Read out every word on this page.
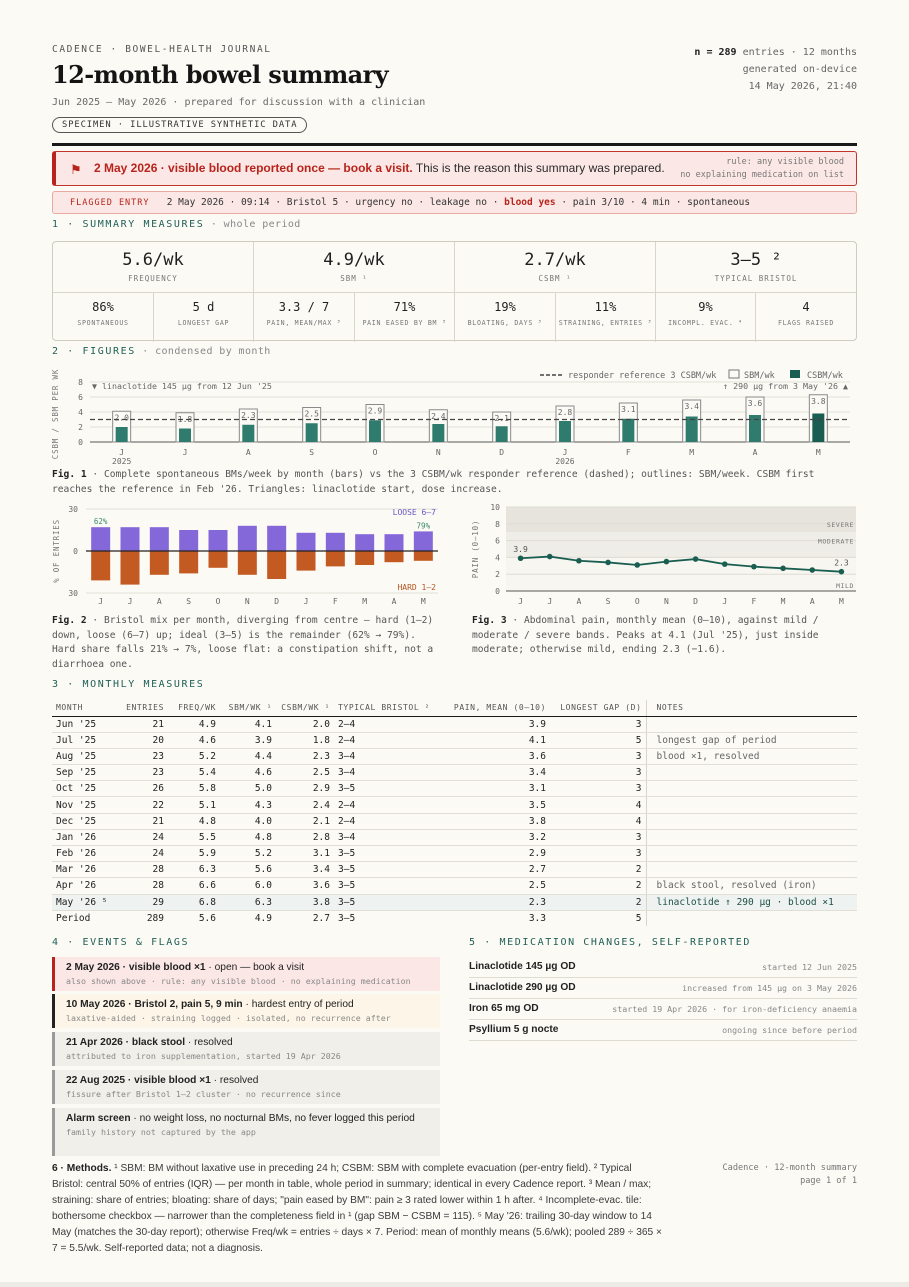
CADENCE · BOWEL-HEALTH JOURNAL
12-month bowel summary
Jun 2025 – May 2026 · prepared for discussion with a clinician
SPECIMEN · ILLUSTRATIVE SYNTHETIC DATA
n = 289 entries · 12 months
generated on-device
14 May 2026, 21:40
⚑ 2 May 2026 · visible blood reported once — book a visit. This is the reason this summary was prepared.	rule: any visible blood
no explaining medication on list
FLAGGED ENTRY   2 May 2026 · 09:14 · Bristol 5 · urgency no · leakage no · blood yes · pain 3/10 · 4 min · spontaneous
1 · SUMMARY MEASURES · whole period
5.6/wk
FREQUENCY
4.9/wk
SBM ¹
2.7/wk
CSBM ¹
3–5 ²
TYPICAL BRISTOL
86%
SPONTANEOUS
5 d
LONGEST GAP
3.3 / 7
PAIN, MEAN/MAX ³
71%
PAIN EASED BY BM ³
19%
BLOATING, DAYS ³
11%
STRAINING, ENTRIES ³
9%
INCOMPL. EVAC. ⁴
4
FLAGS RAISED
2 · FIGURES · condensed by month
CSBM / SBM PER WK 0
2
4
6
8
responder reference 3 CSBM/wk	SBM/wk	CSBM/wk
▼ linaclotide 145 µg from 12 Jun '25	↑ 290 µg from 3 May '26 ▲
2.0
J
2025
1.8
J
2.3
A
2.5
S
2.9
O
2.4
N
2.1
D
2.8
J
2026
3.1
F
3.4
M
3.6
A
3.8
M
Fig. 1 · Complete spontaneous BMs/week by month (bars) vs the 3 CSBM/wk responder reference (dashed); outlines: SBM/week. CSBM first reaches the reference in Feb '26. Triangles: linaclotide start, dose increase.
% OF ENTRIES
30
0
30
LOOSE 6–7
HARD 1–2
J	J	A	S	O	N	D	J	F	M	A	M
62%	79%
Fig. 2 · Bristol mix per month, diverging from centre — hard (1–2) down, loose (6–7) up; ideal (3–5) is the remainder (62% → 79%). Hard share falls 21% → 7%, loose flat: a constipation shift, not a diarrhoea one.
PAIN (0–10)
0
2
4
6
8
10
SEVERE
MODERATE
MILD
J	J	A	S	O	N	D	J	F	M	A	M
3.9
2.3
Fig. 3 · Abdominal pain, monthly mean (0–10), against mild / moderate / severe bands. Peaks at 4.1 (Jul '25), just inside moderate; otherwise mild, ending 2.3 (−1.6).
3 · MONTHLY MEASURES
MONTH	ENTRIES	FREQ/WK	SBM/WK ¹	CSBM/WK ¹	TYPICAL BRISTOL ²	PAIN, MEAN (0–10)	LONGEST GAP (D)	NOTES
Jun '25	21	4.9	4.1	2.0	2–4	3.9	3	
Jul '25	20	4.6	3.9	1.8	2–4	4.1	5	longest gap of period
Aug '25	23	5.2	4.4	2.3	3–4	3.6	3	blood ×1, resolved
Sep '25	23	5.4	4.6	2.5	3–4	3.4	3	
Oct '25	26	5.8	5.0	2.9	3–5	3.1	3	
Nov '25	22	5.1	4.3	2.4	2–4	3.5	4	
Dec '25	21	4.8	4.0	2.1	2–4	3.8	4	
Jan '26	24	5.5	4.8	2.8	3–4	3.2	3	
Feb '26	24	5.9	5.2	3.1	3–5	2.9	3	
Mar '26	28	6.3	5.6	3.4	3–5	2.7	2	
Apr '26	28	6.6	6.0	3.6	3–5	2.5	2	black stool, resolved (iron)
May '26 ⁵	29	6.8	6.3	3.8	3–5	2.3	2	linaclotide ↑ 290 µg · blood ×1
Period	289	5.6	4.9	2.7	3–5	3.3	5	
4 · EVENTS & FLAGS
2 May 2026 · visible blood ×1 · open — book a visit
also shown above · rule: any visible blood · no explaining medication
10 May 2026 · Bristol 2, pain 5, 9 min · hardest entry of period
laxative-aided · straining logged · isolated, no recurrence after
21 Apr 2026 · black stool · resolved
attributed to iron supplementation, started 19 Apr 2026
22 Aug 2025 · visible blood ×1 · resolved
fissure after Bristol 1–2 cluster · no recurrence since
Alarm screen · no weight loss, no nocturnal BMs, no fever logged this period
family history not captured by the app
5 · MEDICATION CHANGES, SELF-REPORTED
Linaclotide 145 µg OD	started 12 Jun 2025
Linaclotide 290 µg OD	increased from 145 µg on 3 May 2026
Iron 65 mg OD	started 19 Apr 2026 · for iron-deficiency anaemia
Psyllium 5 g nocte	ongoing since before period
6 · Methods. ¹ SBM: BM without laxative use in preceding 24 h; CSBM: SBM with complete evacuation (per-entry field). ² Typical Bristol: central 50% of entries (IQR) — per month in table, whole period in summary; identical in every Cadence report. ³ Mean / max; straining: share of entries; bloating: share of days; "pain eased by BM": pain ≥ 3 rated lower within 1 h after. ⁴ Incomplete-evac. tile: bothersome checkbox — narrower than the completeness field in ¹ (gap SBM − CSBM = 115). ⁵ May '26: trailing 30-day window to 14 May (matches the 30-day report); otherwise Freq/wk = entries ÷ days × 7. Period: mean of monthly means (5.6/wk); pooled 289 ÷ 365 × 7 = 5.5/wk. Self-reported data; not a diagnosis.
Cadence · 12-month summary
page 1 of 1
